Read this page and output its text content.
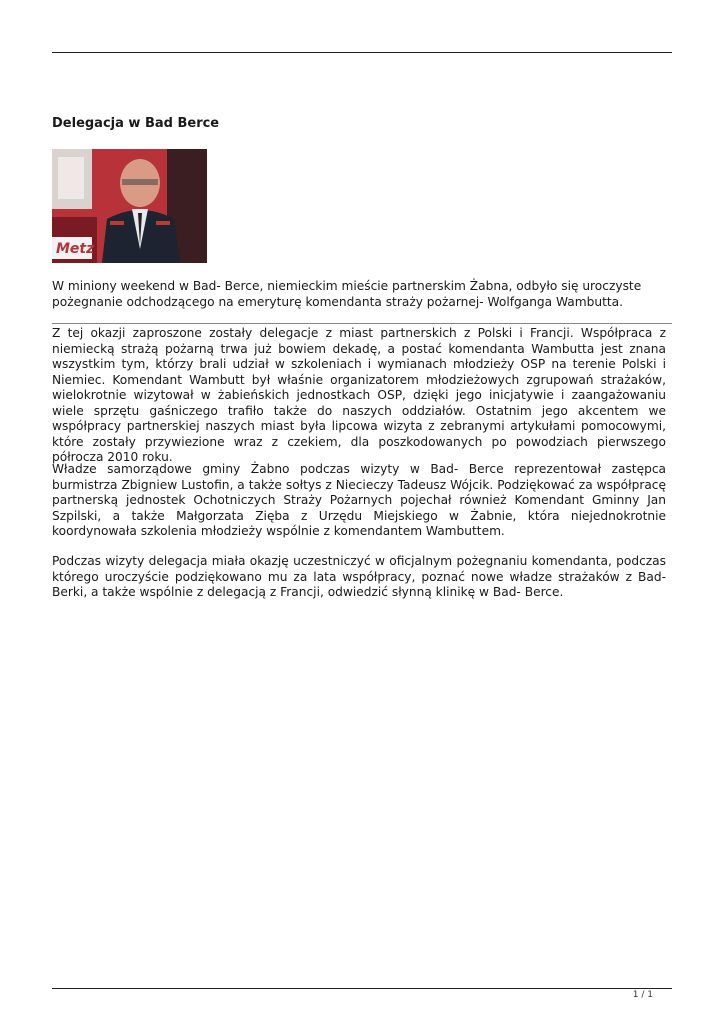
Delegacja w Bad Berce
Metz

W miniony weekend w Bad- Berce, niemieckim mieście partnerskim Żabna, odbyło się uroczyste pożegnanie odchodzącego na emeryturę komendanta straży pożarnej- Wolfganga Wambutta.

Z tej okazji zaproszone zostały delegacje z miast partnerskich z Polski i Francji. Współpraca z niemiecką strażą pożarną trwa już bowiem dekadę, a postać komendanta Wambutta jest znana wszystkim tym, którzy brali udział w szkoleniach i wymianach młodzieży OSP na terenie Polski i Niemiec. Komendant Wambutt był właśnie organizatorem młodzieżowych zgrupowań strażaków, wielokrotnie wizytował w żabieńskich jednostkach OSP, dzięki jego inicjatywie i zaangażowaniu wiele sprzętu gaśniczego trafiło także do naszych oddziałów. Ostatnim jego akcentem we współpracy partnerskiej naszych miast była lipcowa wizyta z zebranymi artykułami pomocowymi, które zostały przywiezione wraz z czekiem, dla poszkodowanych po powodziach pierwszego półrocza 2010 roku.

Władze samorządowe gminy Żabno podczas wizyty w Bad- Berce reprezentował zastępca burmistrza Zbigniew Lustofin, a także sołtys z Niecieczy Tadeusz Wójcik. Podziękować za współpracę partnerską jednostek Ochotniczych Straży Pożarnych pojechał również Komendant Gminny Jan Szpilski, a także Małgorzata Zięba z Urzędu Miejskiego w Żabnie, która niejednokrotnie koordynowała szkolenia młodzieży wspólnie z komendantem Wambuttem.

Podczas wizyty delegacja miała okazję uczestniczyć w oficjalnym pożegnaniu komendanta, podczas którego uroczyście podziękowano mu za lata współpracy, poznać nowe władze strażaków z Bad-Berki, a także wspólnie z delegacją z Francji, odwiedzić słynną klinikę w Bad- Berce.

1 / 1
